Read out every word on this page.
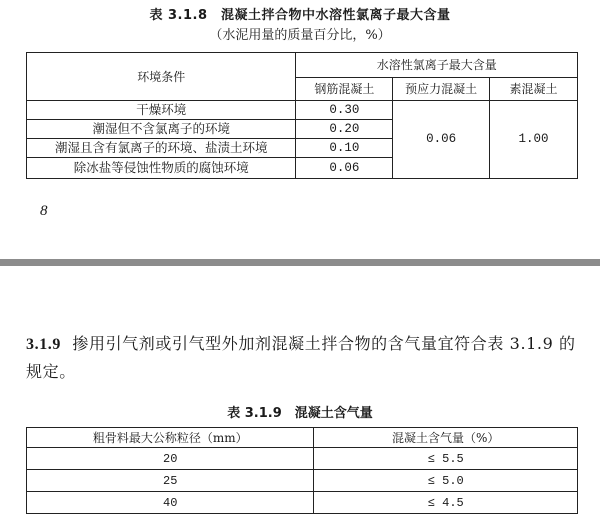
表 3.1.8　混凝土拌合物中水溶性氯离子最大含量
（水泥用量的质量百分比，%）
环境条件	水溶性氯离子最大含量		
	钢筋混凝土	预应力混凝土	素混凝土
干燥环境	0.30	0.06	1.00
潮湿但不含氯离子的环境	0.20		
潮湿且含有氯离子的环境、盐渍土环境	0.10		
除冰盐等侵蚀性物质的腐蚀环境	0.06		
8
3.1.9 掺用引气剂或引气型外加剂混凝土拌合物的含气量宜符合表 3.1.9 的规定。
表 3.1.9　混凝土含气量
粗骨料最大公称粒径（mm）	混凝土含气量（%）
20	≤ 5.5
25	≤ 5.0
40	≤ 4.5
